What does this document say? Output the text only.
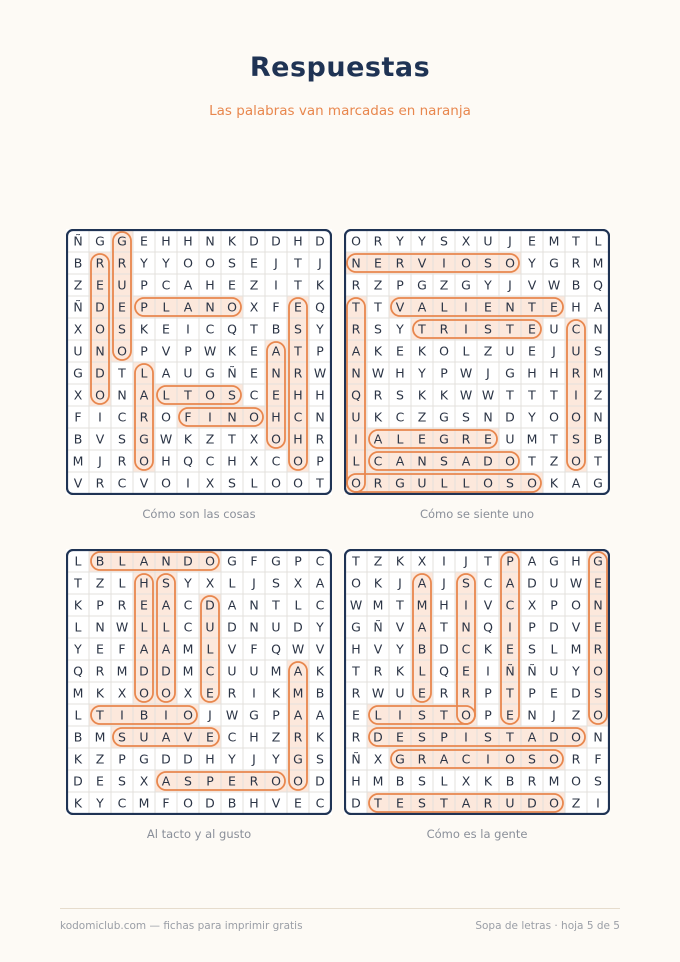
Respuestas
Las palabras van marcadas en naranja
Ñ G G E H H N K D D H D
B R R Y Y O O S E J T J
Z E U P C A H E Z I T K
Ñ D E P L A N O X F E Q
X O S K E I C Q T B S Y
U N O P V P W K E A T P
G D T L A U G Ñ E N R W
X O N A L T O S C E H H
F I C R O F I N O H C N
B V S G W K Z T X O H R
M J R O H Q C H X C O P
V R C V O I X S L O O T
Cómo son las cosas
O R Y Y S X U J E M T L
N E R V I O S O Y G R M
R Z P G Z G Y J V W B Q
T T V A L I E N T E H A
R S Y T R I S T E U C N
A K E K O L Z U E J U S
N W H Y P W J G H H R M
Q R S K K W W T T T I Z
U K C Z G S N D Y O O N
I A L E G R E U M T S B
L C A N S A D O T Z O T
O R G U L L O S O K A G
Cómo se siente uno
L B L A N D O G F G P C
T Z L H S Y X L J S X A
K P R E A C D A N T L C
L N W L L C U D N U D Y
Y E F A A M L V F Q W V
Q R M D D M C U U M A K
M K X O O X E R I K M B
L T I B I O J W G P A A
B M S U A V E C H Z R K
K Z P G D D H Y J Y G S
D E S X A S P E R O O D
K Y C M F O D B H V E C
Al tacto y al gusto
T Z K X I J T P A G H G
O K J A J S C A D U W E
W M T M H I V C X P O N
G Ñ V A T N Q I P D V E
H V Y B D C K E S L M R
T R K L Q E I Ñ Ñ U Y O
R W U E R R P T P E D S
E L I S T O P E N J Z O
R D E S P I S T A D O N
Ñ X G R A C I O S O R F
H M B S L X K B R M O S
D T E S T A R U D O Z I
Cómo es la gente
kodomiclub.com — fichas para imprimir gratis	Sopa de letras · hoja 5 de 5
